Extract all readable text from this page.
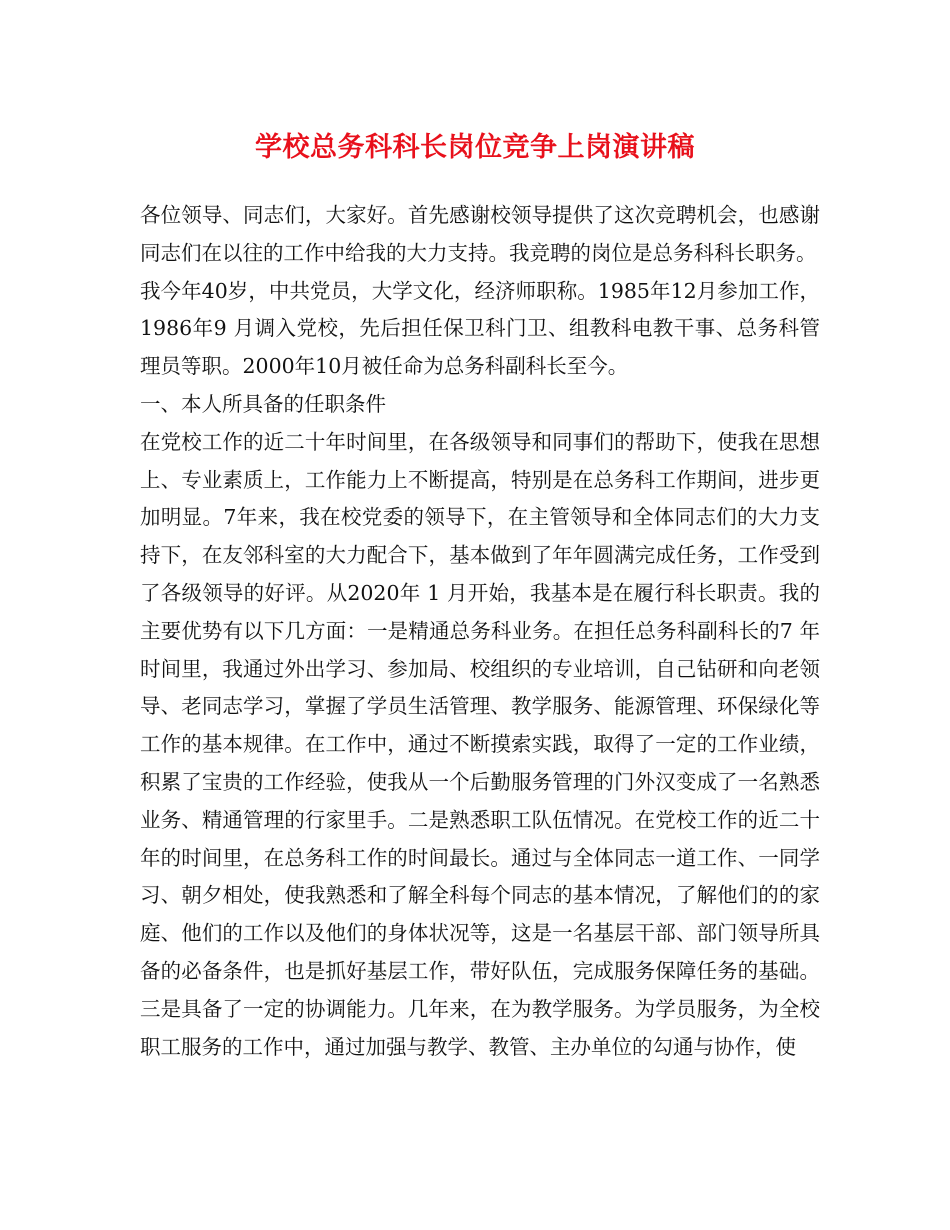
学校总务科科长岗位竞争上岗演讲稿

各位领导、同志们，大家好。首先感谢校领导提供了这次竞聘机会，也感谢同志们在以往的工作中给我的大力支持。我竞聘的岗位是总务科科长职务。

我今年40岁，中共党员，大学文化，经济师职称。1985年12月参加工作，1986年9 月调入党校，先后担任保卫科门卫、组教科电教干事、总务科管理员等职。2000年10月被任命为总务科副科长至今。

一、本人所具备的任职条件

在党校工作的近二十年时间里，在各级领导和同事们的帮助下，使我在思想上、专业素质上，工作能力上不断提高，特别是在总务科工作期间，进步更加明显。7年来，我在校党委的领导下，在主管领导和全体同志们的大力支持下，在友邻科室的大力配合下，基本做到了年年圆满完成任务，工作受到了各级领导的好评。从2020年 1 月开始，我基本是在履行科长职责。我的主要优势有以下几方面：一是精通总务科业务。在担任总务科副科长的7 年时间里，我通过外出学习、参加局、校组织的专业培训，自己钻研和向老领导、老同志学习，掌握了学员生活管理、教学服务、能源管理、环保绿化等工作的基本规律。在工作中，通过不断摸索实践，取得了一定的工作业绩，积累了宝贵的工作经验，使我从一个后勤服务管理的门外汉变成了一名熟悉业务、精通管理的行家里手。二是熟悉职工队伍情况。在党校工作的近二十年的时间里，在总务科工作的时间最长。通过与全体同志一道工作、一同学习、朝夕相处，使我熟悉和了解全科每个同志的基本情况，了解他们的的家庭、他们的工作以及他们的身体状况等，这是一名基层干部、部门领导所具备的必备条件，也是抓好基层工作，带好队伍，完成服务保障任务的基础。三是具备了一定的协调能力。几年来，在为教学服务。为学员服务，为全校职工服务的工作中，通过加强与教学、教管、主办单位的勾通与协作，使
